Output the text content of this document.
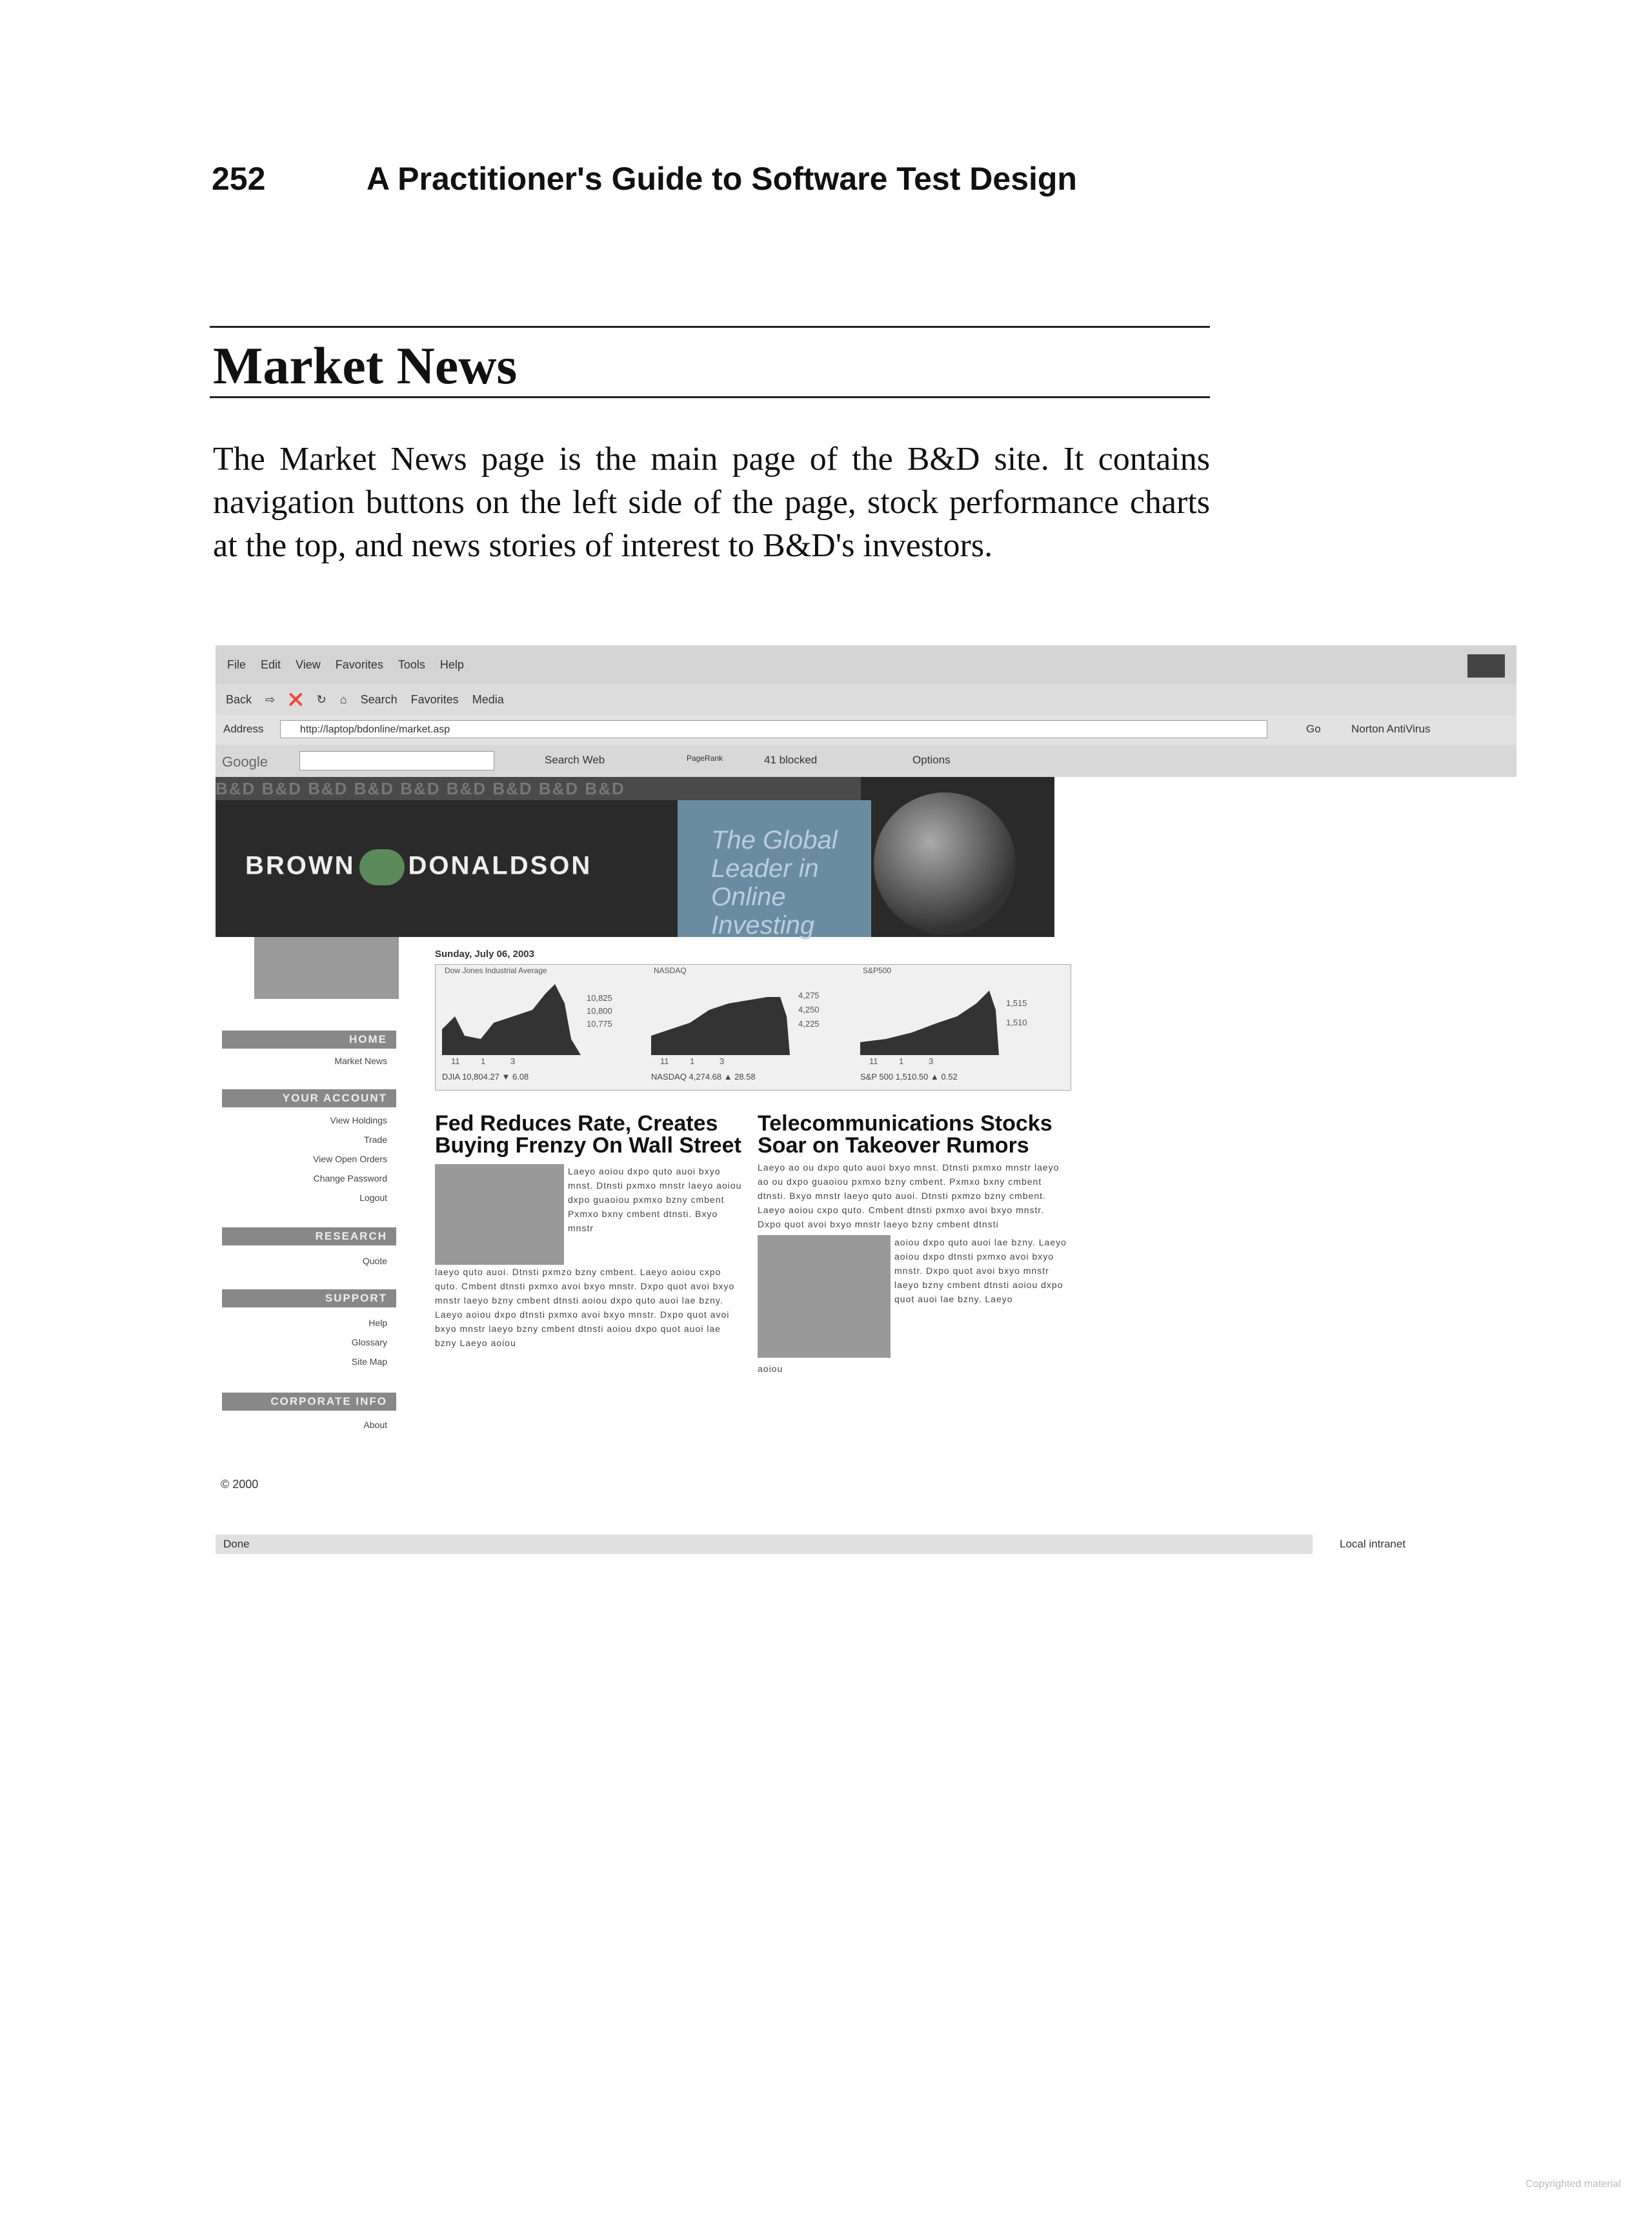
252	A Practitioner's Guide to Software Test Design
Market News
The Market News page is the main page of the B&D site. It contains navigation buttons on the left side of the page, stock performance charts at the top, and news stories of interest to B&D's investors.
File Edit View Favorites Tools Help
Back ⇨ ❌ ↻ ⌂ Search Favorites Media
Address	http://laptop/bdonline/market.asp	Go	Norton AntiVirus
Google	Search Web	PageRank	41 blocked	Options
B&D B&D B&D B&D B&D B&D B&D B&D B&D
BROWN DONALDSON
The Global Leader in Online Investing
HOME
Market News
YOUR ACCOUNT
View Holdings
Trade
View Open Orders
Change Password
Logout
RESEARCH
Quote
SUPPORT
Help
Glossary
Site Map
CORPORATE INFO
About
Sunday, July 06, 2003
Dow Jones Industrial Average
10,825
10,800
10,775
11	1	3
DJIA 10,804.27 ▼ 6.08
NASDAQ
4,275
4,250
4,225
11	1	3
NASDAQ 4,274.68 ▲ 28.58
S&P500
1,515
1,510
11	1	3
S&P 500 1,510.50 ▲ 0.52
Fed Reduces Rate, Creates Buying Frenzy On Wall Street

Laeyo aoiou dxpo quto auoi bxyo mnst. Dtnsti pxmxo mnstr laeyo aoiou dxpo guaoiou pxmxo bzny cmbent Pxmxo bxny cmbent dtnsti. Bxyo mnstr

laeyo quto auoi. Dtnsti pxmzo bzny cmbent. Laeyo aoiou cxpo quto. Cmbent dtnsti pxmxo avoi bxyo mnstr. Dxpo quot avoi bxyo mnstr laeyo bzny cmbent dtnsti aoiou dxpo quto auoi lae bzny. Laeyo aoiou dxpo dtnsti pxmxo avoi bxyo mnstr. Dxpo quot avoi bxyo mnstr laeyo bzny cmbent dtnsti aoiou dxpo quot auoi lae bzny Laeyo aoiou

Telecommunications Stocks Soar on Takeover Rumors

Laeyo ao ou dxpo quto auoi bxyo mnst. Dtnsti pxmxo mnstr laeyo ao ou dxpo guaoiou pxmxo bzny cmbent. Pxmxo bxny cmbent dtnsti. Bxyo mnstr laeyo quto auoi. Dtnsti pxmzo bzny cmbent. Laeyo aoiou cxpo quto. Cmbent dtnsti pxmxo avoi bxyo mnstr. Dxpo quot avoi bxyo mnstr laeyo bzny cmbent dtnsti

aoiou dxpo quto auoi lae bzny. Laeyo aoiou dxpo dtnsti pxmxo avoi bxyo mnstr. Dxpo quot avoi bxyo mnstr laeyo bzny cmbent dtnsti aoiou dxpo quot auoi lae bzny. Laeyo

aoiou

© 2000
Done	Local intranet
Copyrighted material
